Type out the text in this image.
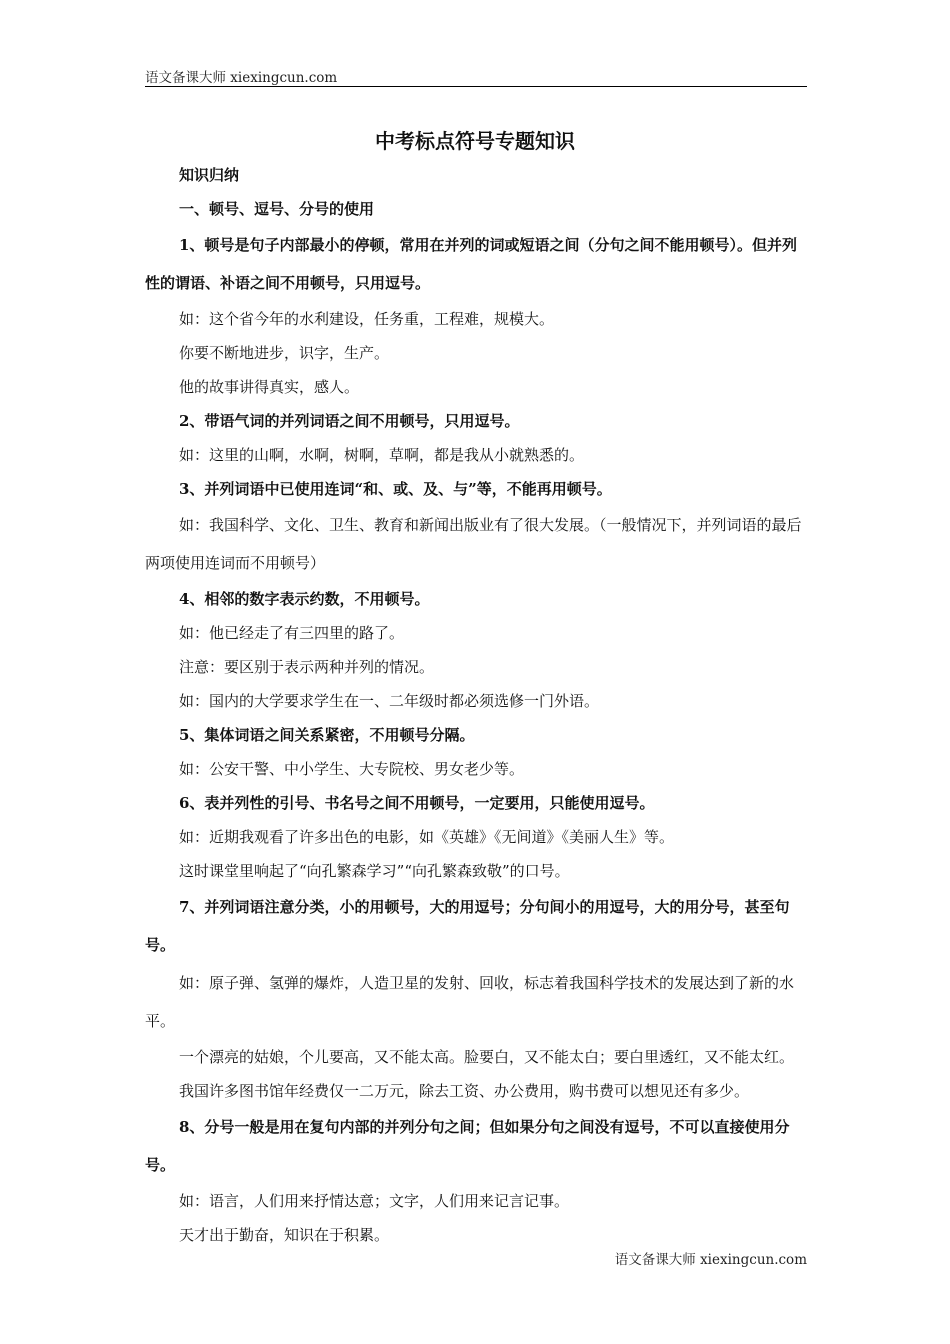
语文备课大师 xiexingcun.com
中考标点符号专题知识

知识归纳

一、顿号、逗号、分号的使用

1、顿号是句子内部最小的停顿，常用在并列的词或短语之间（分句之间不能用顿号）。但并列性的谓语、补语之间不用顿号，只用逗号。

如：这个省今年的水利建设，任务重，工程难，规模大。

你要不断地进步，识字，生产。

他的故事讲得真实，感人。

2、带语气词的并列词语之间不用顿号，只用逗号。

如：这里的山啊，水啊，树啊，草啊，都是我从小就熟悉的。

3、并列词语中已使用连词“和、或、及、与”等，不能再用顿号。

如：我国科学、文化、卫生、教育和新闻出版业有了很大发展。（一般情况下，并列词语的最后两项使用连词而不用顿号）

4、相邻的数字表示约数，不用顿号。

如：他已经走了有三四里的路了。

注意：要区别于表示两种并列的情况。

如：国内的大学要求学生在一、二年级时都必须选修一门外语。

5、集体词语之间关系紧密，不用顿号分隔。

如：公安干警、中小学生、大专院校、男女老少等。

6、表并列性的引号、书名号之间不用顿号，一定要用，只能使用逗号。

如：近期我观看了许多出色的电影，如《英雄》《无间道》《美丽人生》等。

这时课堂里响起了“向孔繁森学习”“向孔繁森致敬”的口号。

7、并列词语注意分类，小的用顿号，大的用逗号；分句间小的用逗号，大的用分号，甚至句号。

如：原子弹、氢弹的爆炸，人造卫星的发射、回收，标志着我国科学技术的发展达到了新的水平。

一个漂亮的姑娘，个儿要高，又不能太高。脸要白，又不能太白；要白里透红，又不能太红。

我国许多图书馆年经费仅一二万元，除去工资、办公费用，购书费可以想见还有多少。

8、分号一般是用在复句内部的并列分句之间；但如果分句之间没有逗号，不可以直接使用分号。

如：语言，人们用来抒情达意；文字，人们用来记言记事。

天才出于勤奋，知识在于积累。

语文备课大师 xiexingcun.com
